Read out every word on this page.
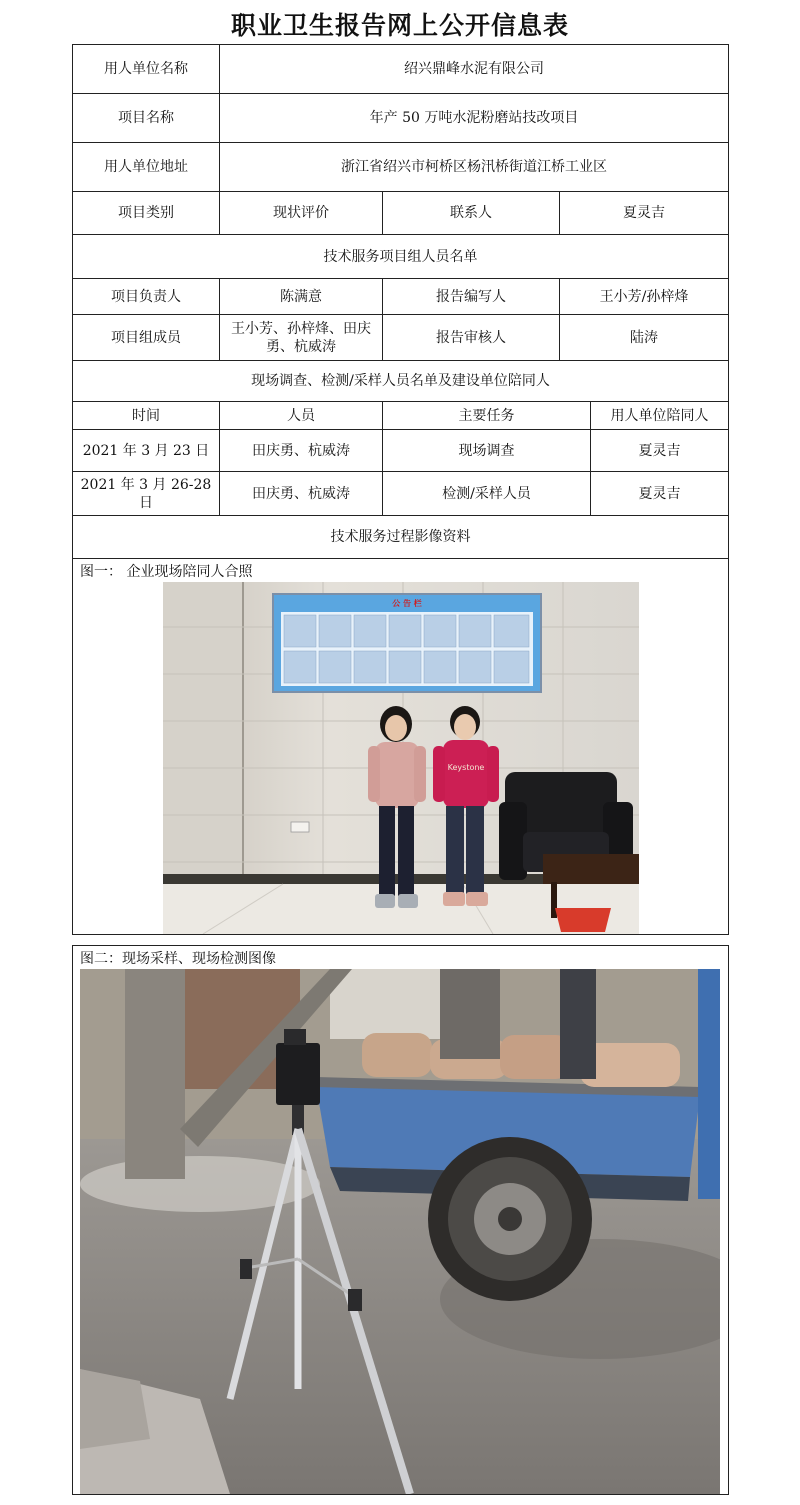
职业卫生报告网上公开信息表
用人单位名称	绍兴鼎峰水泥有限公司			
项目名称	年产 50 万吨水泥粉磨站技改项目			
用人单位地址	浙江省绍兴市柯桥区杨汛桥街道江桥工业区			
项目类别	现状评价	联系人	夏灵吉	
技术服务项目组人员名单				
项目负责人	陈满意	报告编写人	王小芳/孙梓烽	
项目组成员	王小芳、孙梓烽、田庆勇、杭威涛	报告审核人	陆涛	
现场调查、检测/采样人员名单及建设单位陪同人				
时间	人员	主要任务		用人单位陪同人
2021 年 3 月 23 日	田庆勇、杭威涛	现场调查		夏灵吉
2021 年 3 月 26-28 日	田庆勇、杭威涛	检测/采样人员		夏灵吉
技术服务过程影像资料				
图一： 企业现场陪同人合照
公 告 栏
Keystone
图二：现场采样、现场检测图像
